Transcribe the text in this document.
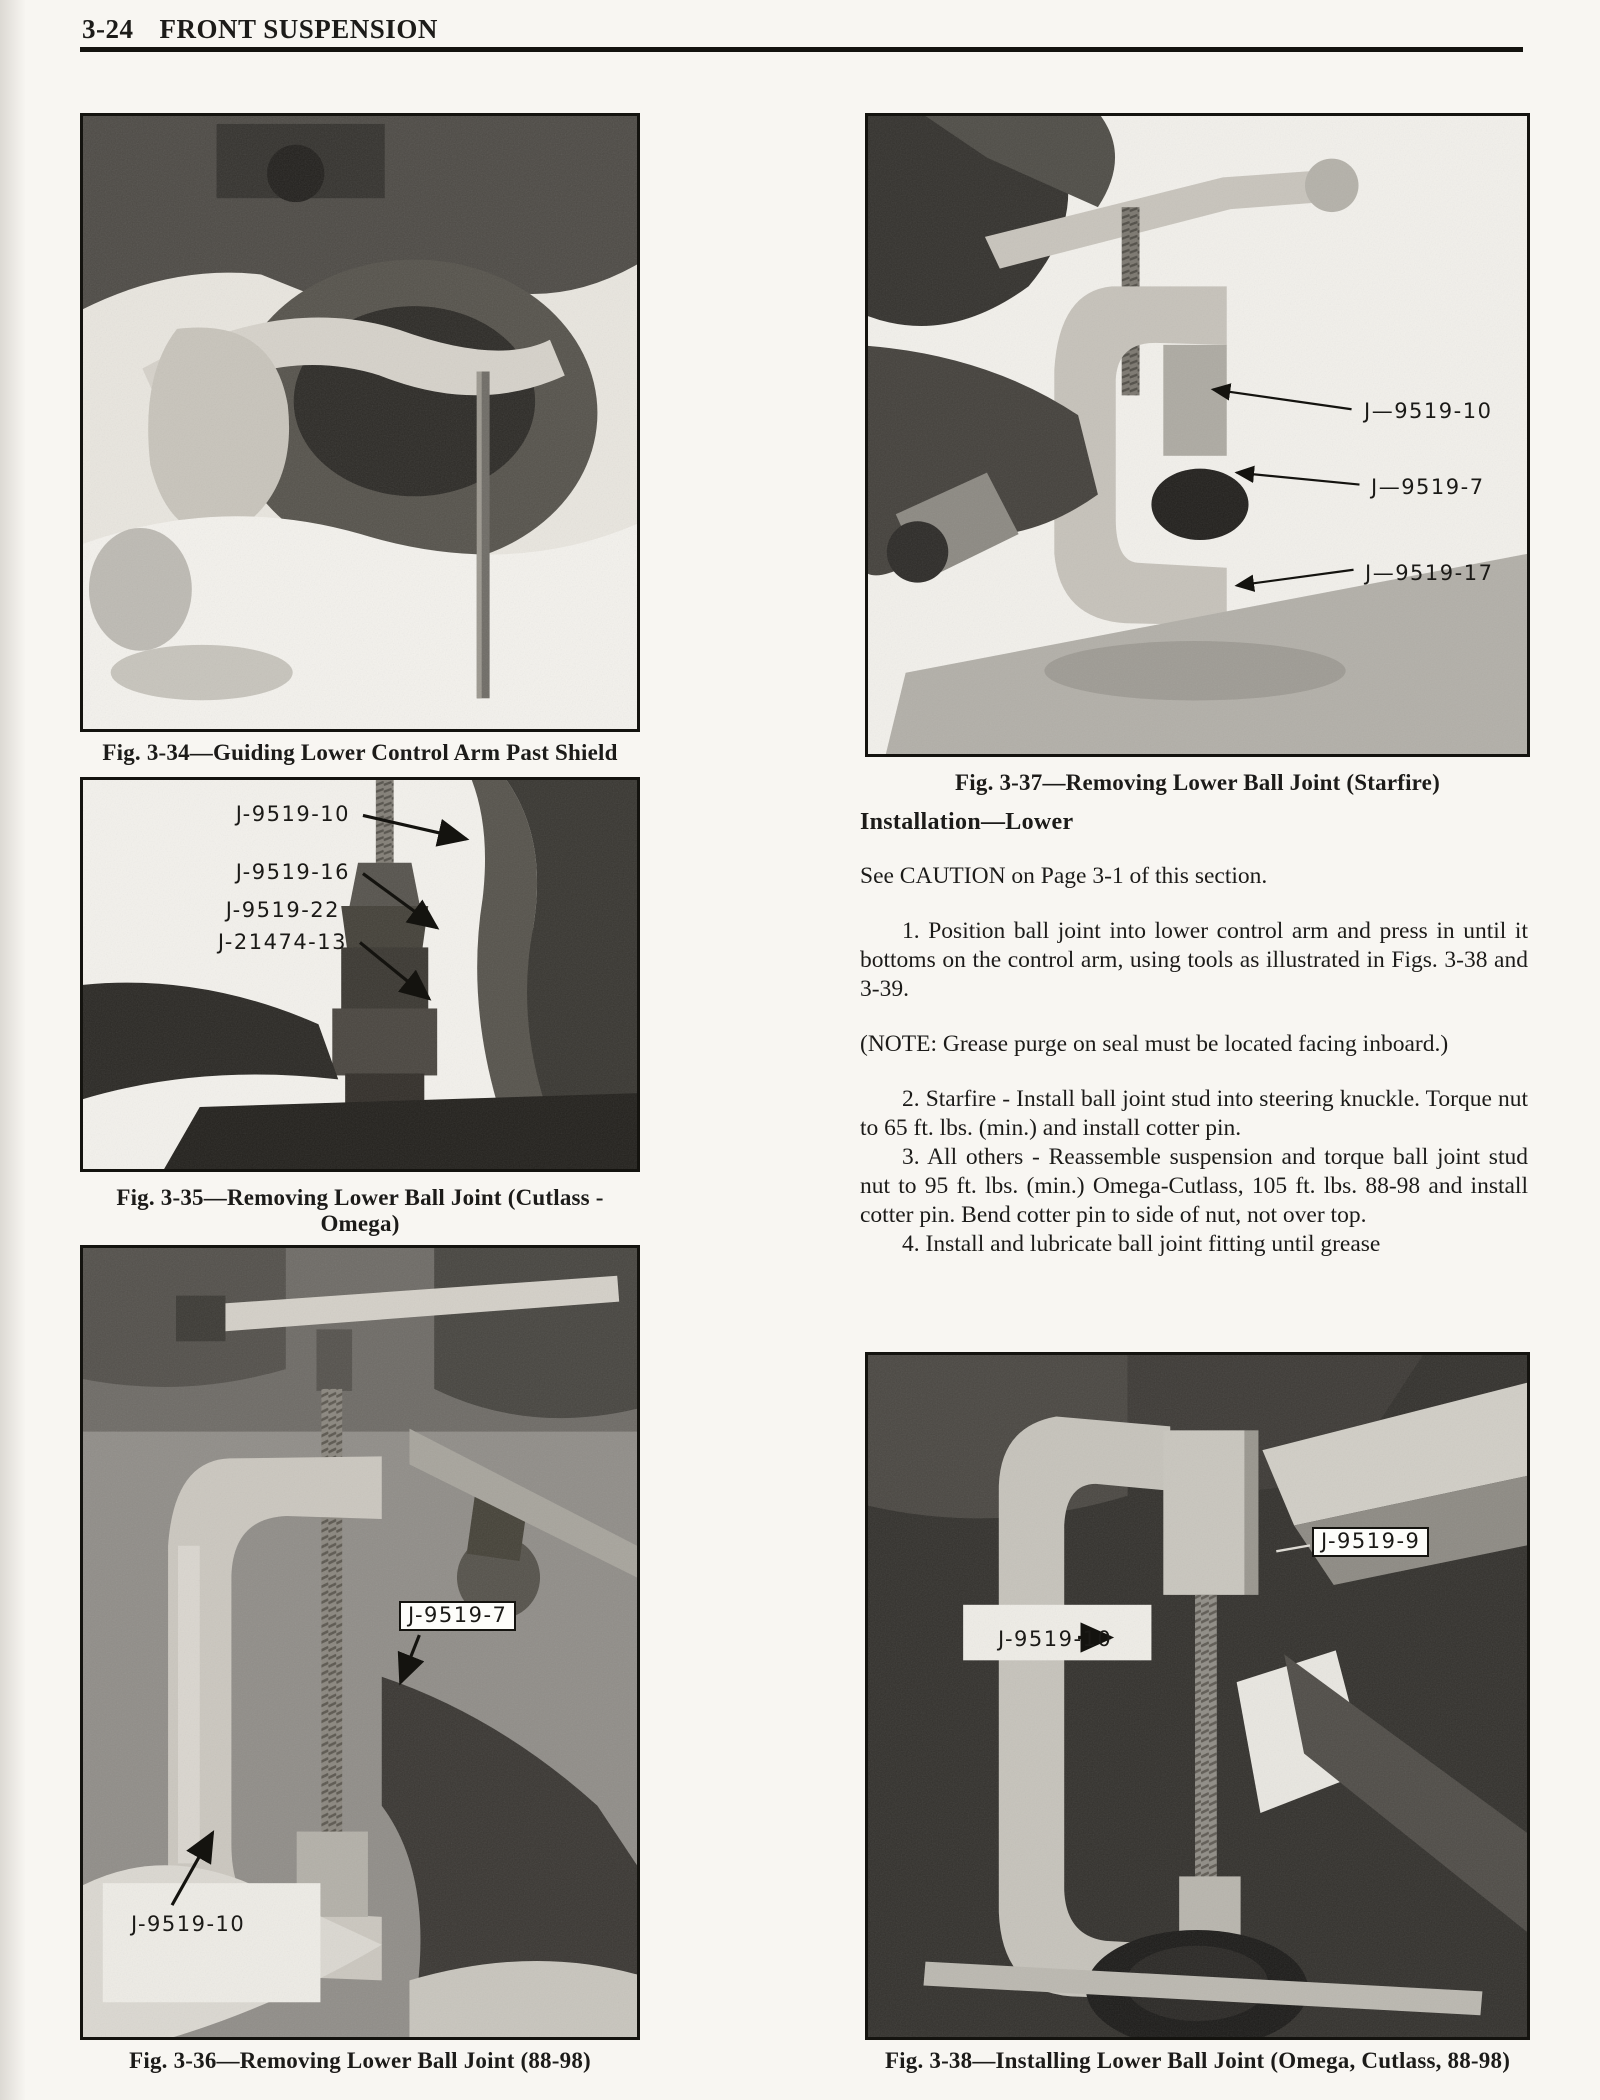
3-24 FRONT SUSPENSION
Fig. 3-34—Guiding Lower Control Arm Past Shield
J-9519-10
J-9519-16
J-9519-22
J-21474-13
Fig. 3-35—Removing Lower Ball Joint (Cutlass - Omega)
J-9519-7
J-9519-10
Fig. 3-36—Removing Lower Ball Joint (88-98)
J—9519-10
J—9519-7
J—9519-17
Fig. 3-37—Removing Lower Ball Joint (Starfire)
Installation—Lower

See CAUTION on Page 3-1 of this section.

1. Position ball joint into lower control arm and press in until it bottoms on the control arm, using tools as illustrated in Figs. 3-38 and 3-39.

(NOTE: Grease purge on seal must be located facing inboard.)

2. Starfire - Install ball joint stud into steering knuckle. Torque nut to 65 ft. lbs. (min.) and install cotter pin.

3. All others - Reassemble suspension and torque ball joint stud nut to 95 ft. lbs. (min.) Omega-Cutlass, 105 ft. lbs. 88-98 and install cotter pin. Bend cotter pin to side of nut, not over top.

4. Install and lubricate ball joint fitting until grease

J-9519-9
J-9519-10
Fig. 3-38—Installing Lower Ball Joint (Omega, Cutlass, 88-98)
